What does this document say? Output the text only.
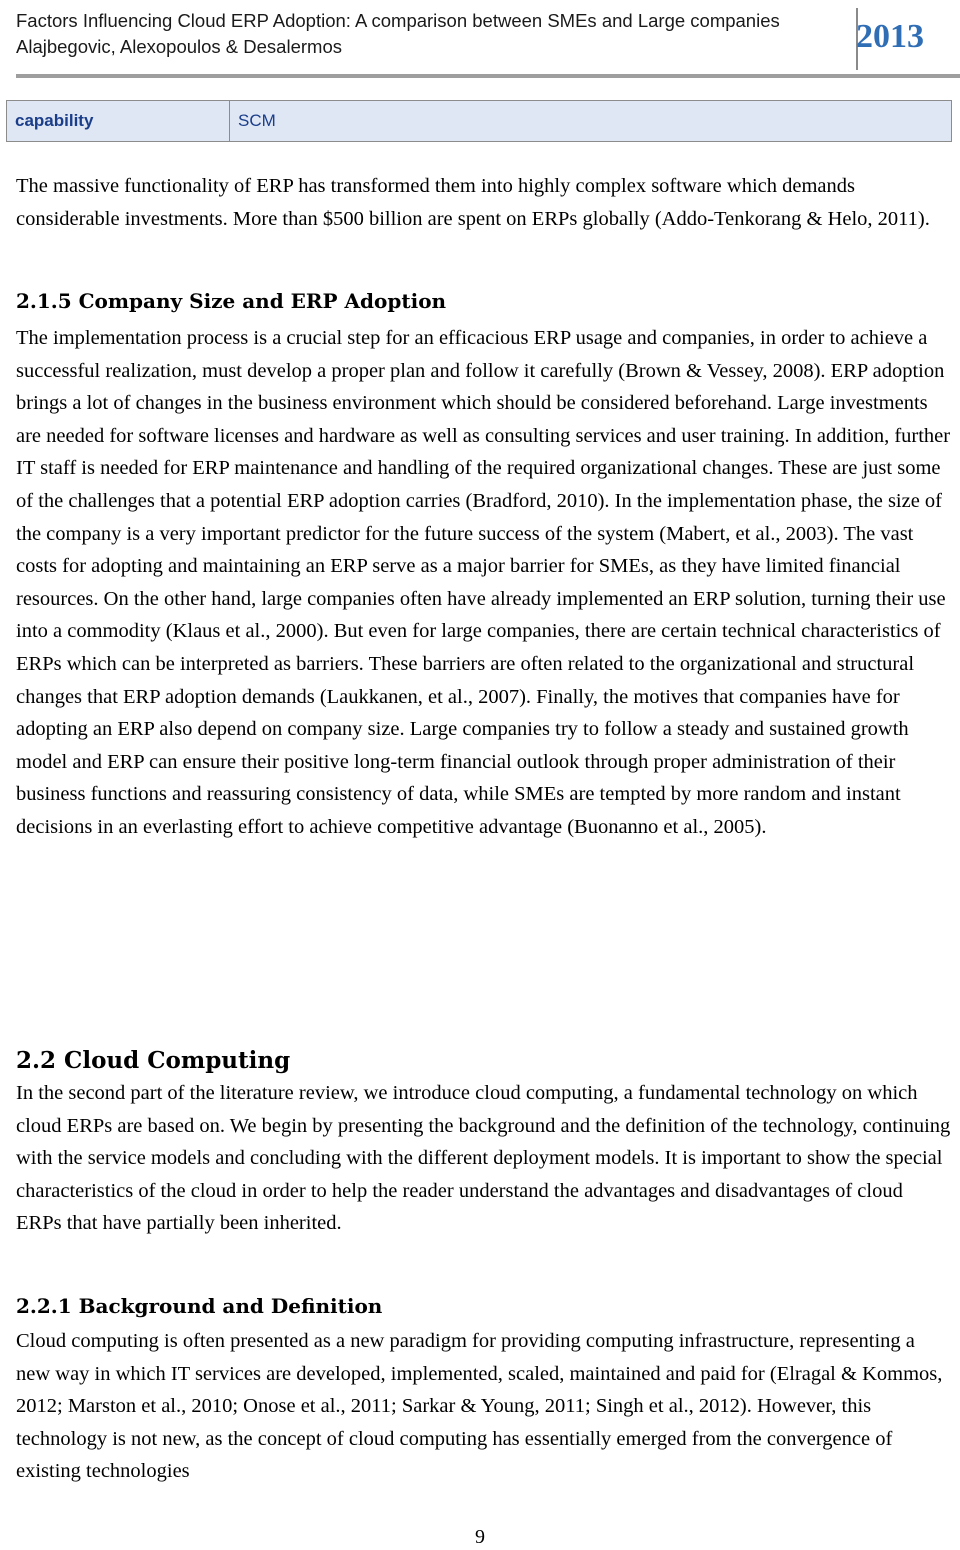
Factors Influencing Cloud ERP Adoption: A comparison between SMEs and Large companies
Alajbegovic, Alexopoulos & Desalermos	2013
capability	SCM

The massive functionality of ERP has transformed them into highly complex software which demands considerable investments. More than $500 billion are spent on ERPs globally (Addo-Tenkorang & Helo, 2011).

2.1.5 Company Size and ERP Adoption

The implementation process is a crucial step for an efficacious ERP usage and companies, in order to achieve a successful realization, must develop a proper plan and follow it carefully (Brown & Vessey, 2008). ERP adoption brings a lot of changes in the business environment which should be considered beforehand. Large investments are needed for software licenses and hardware as well as consulting services and user training. In addition, further IT staff is needed for ERP maintenance and handling of the required organizational changes. These are just some of the challenges that a potential ERP adoption carries (Bradford, 2010). In the implementation phase, the size of the company is a very important predictor for the future success of the system (Mabert, et al., 2003). The vast costs for adopting and maintaining an ERP serve as a major barrier for SMEs, as they have limited financial resources. On the other hand, large companies often have already implemented an ERP solution, turning their use into a commodity (Klaus et al., 2000). But even for large companies, there are certain technical characteristics of ERPs which can be interpreted as barriers. These barriers are often related to the organizational and structural changes that ERP adoption demands (Laukkanen, et al., 2007). Finally, the motives that companies have for adopting an ERP also depend on company size. Large companies try to follow a steady and sustained growth model and ERP can ensure their positive long-term financial outlook through proper administration of their business functions and reassuring consistency of data, while SMEs are tempted by more random and instant decisions in an everlasting effort to achieve competitive advantage (Buonanno et al., 2005).

2.2 Cloud Computing

In the second part of the literature review, we introduce cloud computing, a fundamental technology on which cloud ERPs are based on. We begin by presenting the background and the definition of the technology, continuing with the service models and concluding with the different deployment models. It is important to show the special characteristics of the cloud in order to help the reader understand the advantages and disadvantages of cloud ERPs that have partially been inherited.

2.2.1 Background and Definition

Cloud computing is often presented as a new paradigm for providing computing infrastructure, representing a new way in which IT services are developed, implemented, scaled, maintained and paid for (Elragal & Kommos, 2012; Marston et al., 2010; Onose et al., 2011; Sarkar & Young, 2011; Singh et al., 2012). However, this technology is not new, as the concept of cloud computing has essentially emerged from the convergence of existing technologies

9
